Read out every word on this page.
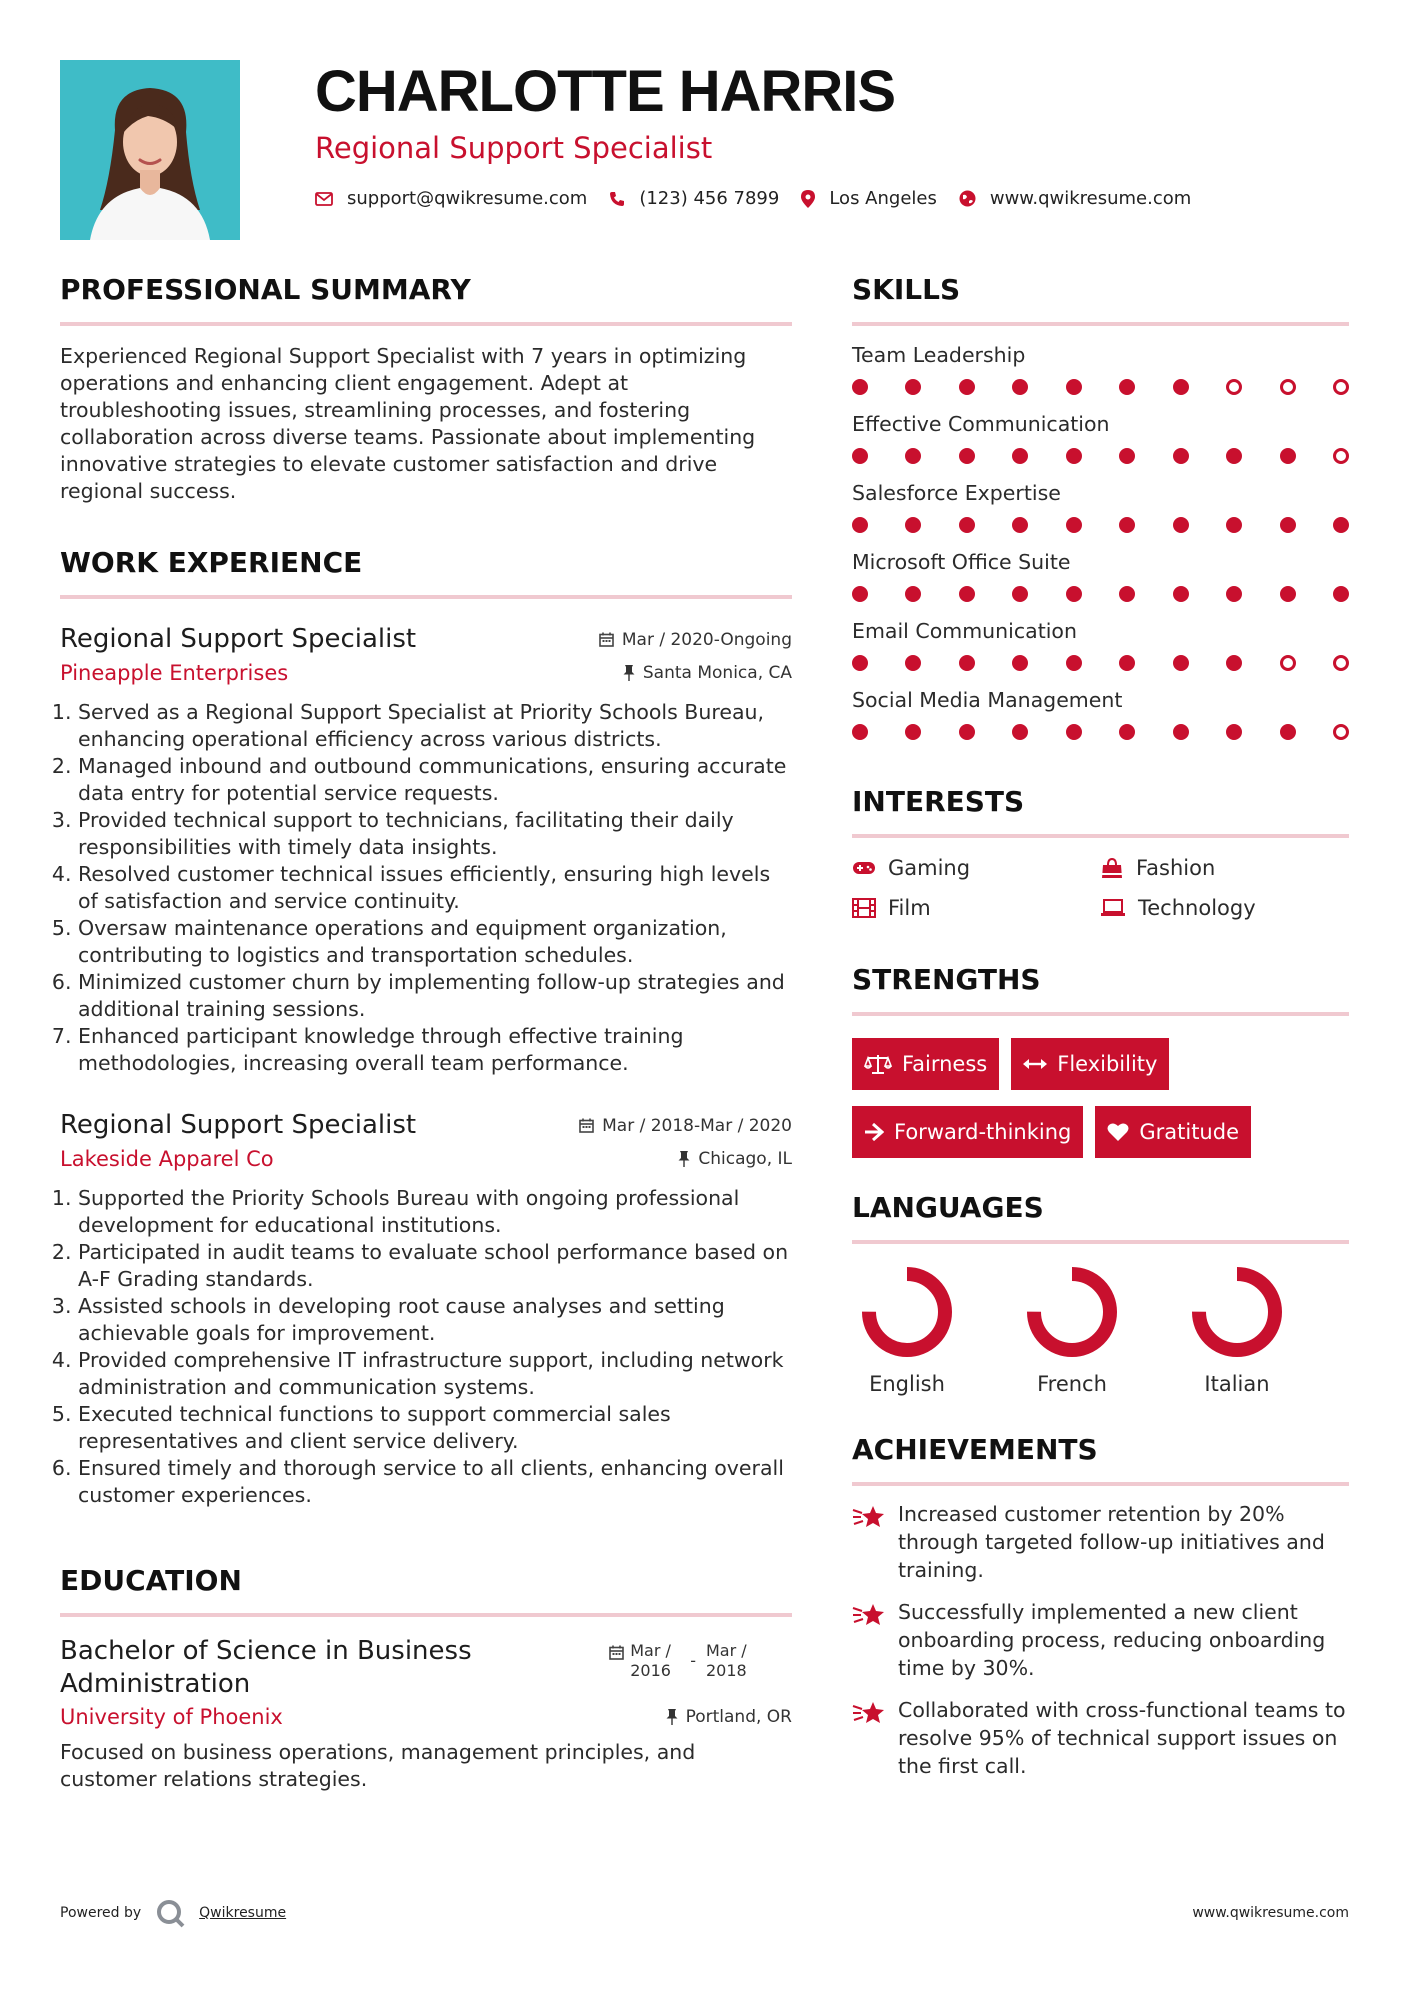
CHARLOTTE HARRIS
Regional Support Specialist
support@qwikresume.com	(123) 456 7899	Los Angeles	www.qwikresume.com
PROFESSIONAL SUMMARY
Experienced Regional Support Specialist with 7 years in optimizing operations and enhancing client engagement. Adept at troubleshooting issues, streamlining processes, and fostering collaboration across diverse teams. Passionate about implementing innovative strategies to elevate customer satisfaction and drive regional success.
WORK EXPERIENCE
Regional Support Specialist	Mar / 2020-Ongoing
Pineapple Enterprises	Santa Monica, CA
1. Served as a Regional Support Specialist at Priority Schools Bureau, enhancing operational efficiency across various districts.
2. Managed inbound and outbound communications, ensuring accurate data entry for potential service requests.
3. Provided technical support to technicians, facilitating their daily responsibilities with timely data insights.
4. Resolved customer technical issues efficiently, ensuring high levels of satisfaction and service continuity.
5. Oversaw maintenance operations and equipment organization, contributing to logistics and transportation schedules.
6. Minimized customer churn by implementing follow-up strategies and additional training sessions.
7. Enhanced participant knowledge through effective training methodologies, increasing overall team performance.
Regional Support Specialist	Mar / 2018-Mar / 2020
Lakeside Apparel Co	Chicago, IL
1. Supported the Priority Schools Bureau with ongoing professional development for educational institutions.
2. Participated in audit teams to evaluate school performance based on A-F Grading standards.
3. Assisted schools in developing root cause analyses and setting achievable goals for improvement.
4. Provided comprehensive IT infrastructure support, including network administration and communication systems.
5. Executed technical functions to support commercial sales representatives and client service delivery.
6. Ensured timely and thorough service to all clients, enhancing overall customer experiences.
EDUCATION
Bachelor of Science in Business Administration
Mar /
2016
-
Mar /
2018
University of Phoenix	Portland, OR
Focused on business operations, management principles, and customer relations strategies.
SKILLS
Team Leadership
Effective Communication
Salesforce Expertise
Microsoft Office Suite
Email Communication
Social Media Management
INTERESTS
Gaming	Fashion
Film	Technology
STRENGTHS
Fairness	Flexibility
Forward-thinking	Gratitude
LANGUAGES
English	French	Italian
ACHIEVEMENTS
Increased customer retention by 20% through targeted follow-up initiatives and training.
Successfully implemented a new client onboarding process, reducing onboarding time by 30%.
Collaborated with cross-functional teams to resolve 95% of technical support issues on the first call.
Powered by	Qwikresume	www.qwikresume.com
